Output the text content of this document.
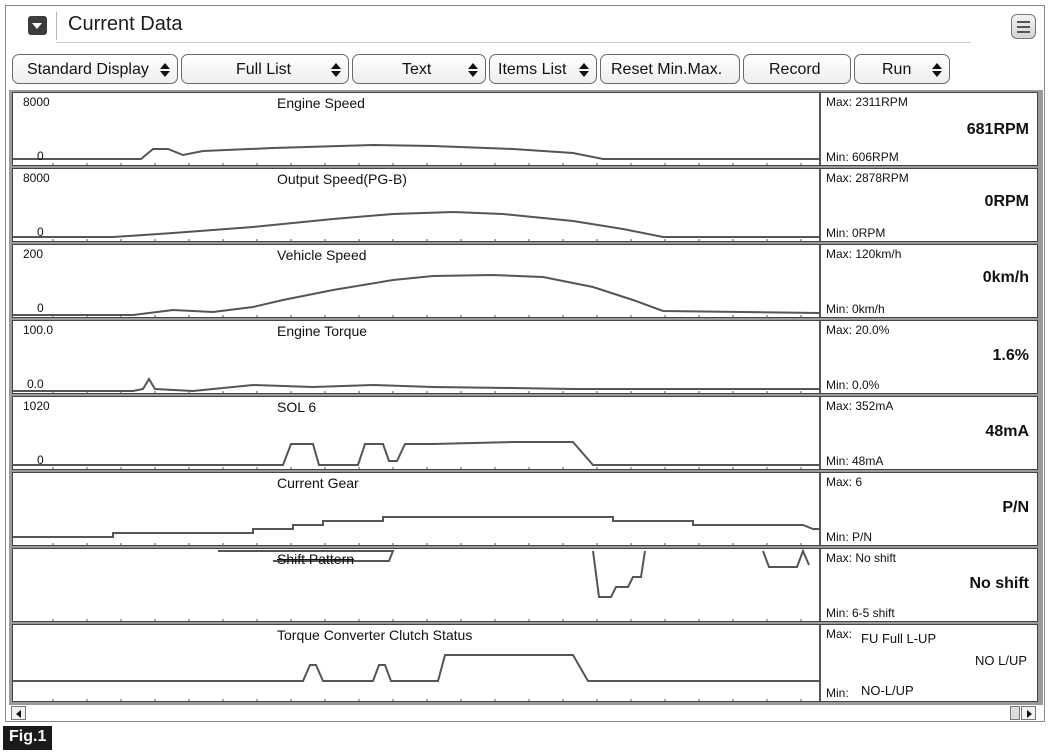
Current Data
Standard Display	Full List	Text	Items List	Reset Min.Max.	Record	Run
Engine Speed
8000
0
Max: 2311RPM
681RPM
Min: 606RPM
Output Speed(PG-B)
8000
0
Max: 2878RPM
0RPM
Min: 0RPM
Vehicle Speed
200
0
Max: 120km/h
0km/h
Min: 0km/h
Engine Torque
100.0
0.0
Max: 20.0%
1.6%
Min: 0.0%
SOL 6
1020
0
Max: 352mA
48mA
Min: 48mA
Current Gear	Max: 6
P/N
Min: P/N
Shift Pattern	Max: No shift
No shift
Min: 6-5 shift
Torque Converter Clutch Status	Max: FU Full L-UP
NO L/UP
Min: NO-L/UP
Fig.1
